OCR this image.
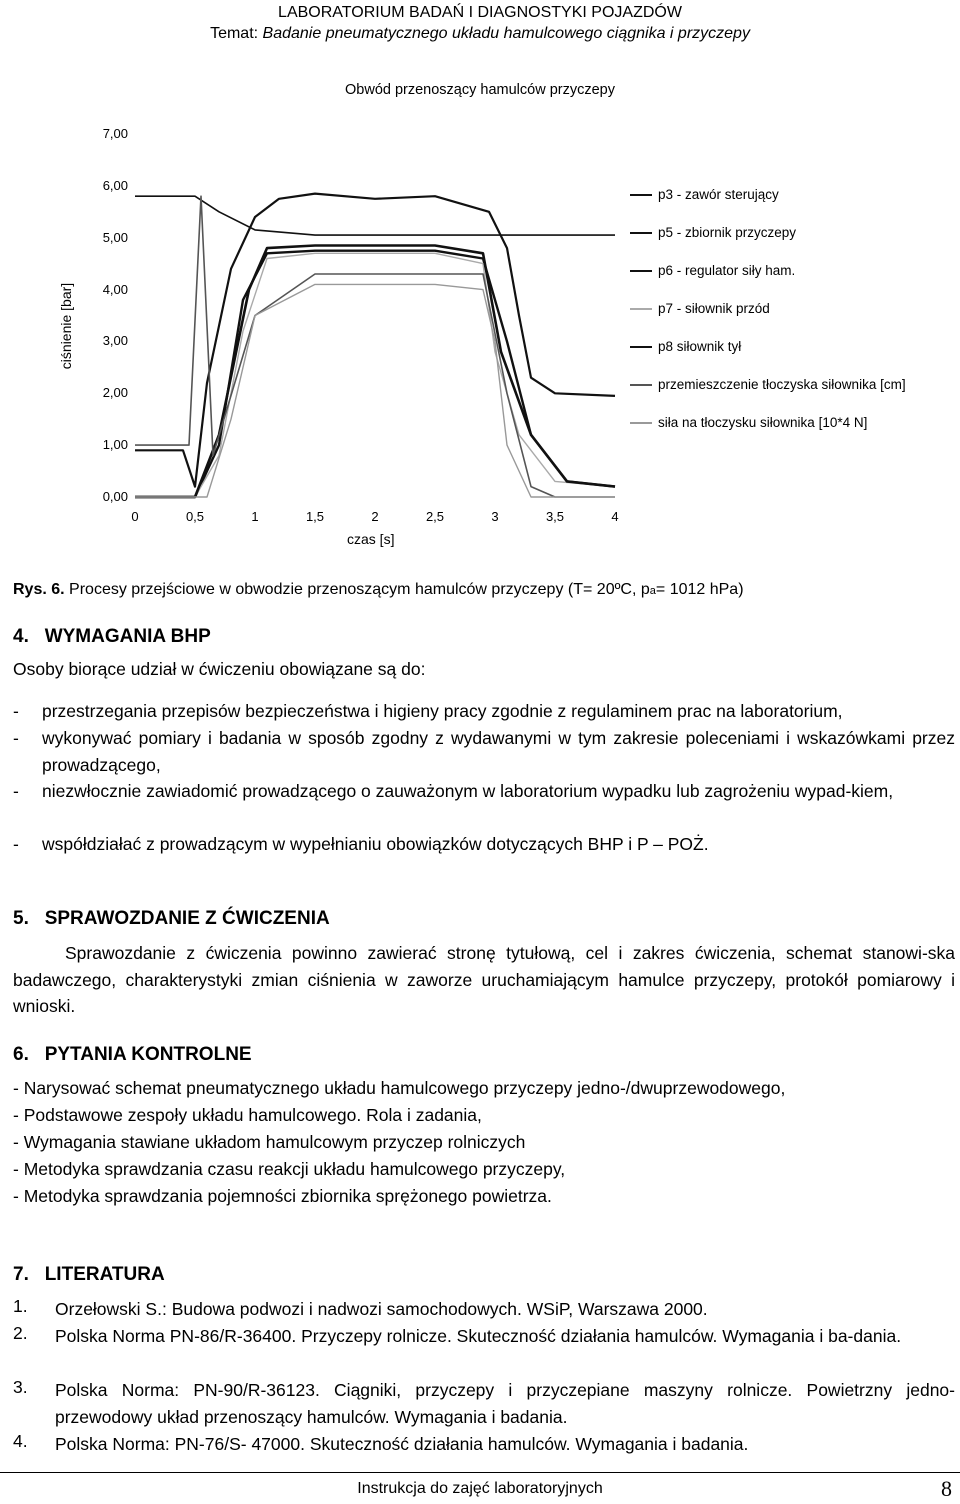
LABORATORIUM BADAŃ I DIAGNOSTYKI POJAZDÓW
Temat: Badanie pneumatycznego układu hamulcowego ciągnika i przyczepy
Obwód przenoszący hamulców przyczepy
ciśnienie [bar]
0,00
1,00
2,00
3,00
4,00
5,00
6,00
7,00
0	0,5	1	1,5	2	2,5	3	3,5	4
czas [s]
p3 - zawór sterujący
p5 - zbiornik przyczepy
p6 - regulator siły ham.
p7 - siłownik przód
p8 siłownik tył
przemieszczenie tłoczyska siłownika [cm]
siła na tłoczysku siłownika [10*4 N]
Rys. 6. Procesy przejściowe w obwodzie przenoszącym hamulców przyczepy (T= 20ºC, pa= 1012 hPa)
4. WYMAGANIA BHP
Osoby biorące udział w ćwiczeniu obowiązane są do:
- przestrzegania przepisów bezpieczeństwa i higieny pracy zgodnie z regulaminem prac na laboratorium,
- wykonywać pomiary i badania w sposób zgodny z wydawanymi w tym zakresie poleceniami i wskazówkami przez prowadzącego,
- niezwłocznie zawiadomić prowadzącego o zauważonym w laboratorium wypadku lub zagrożeniu wypad-kiem,
- współdziałać z prowadzącym w wypełnianiu obowiązków dotyczących BHP i P – POŻ.
5. SPRAWOZDANIE Z ĆWICZENIA
Sprawozdanie z ćwiczenia powinno zawierać stronę tytułową, cel i zakres ćwiczenia, schemat stanowi-ska badawczego, charakterystyki zmian ciśnienia w zaworze uruchamiającym hamulce przyczepy, protokół pomiarowy i wnioski.
6. PYTANIA KONTROLNE
- Narysować schemat pneumatycznego układu hamulcowego przyczepy jedno-/dwuprzewodowego,
- Podstawowe zespoły układu hamulcowego. Rola i zadania,
- Wymagania stawiane układom hamulcowym przyczep rolniczych
- Metodyka sprawdzania czasu reakcji układu hamulcowego przyczepy,
- Metodyka sprawdzania pojemności zbiornika sprężonego powietrza.
7. LITERATURA
1. Orzełowski S.: Budowa podwozi i nadwozi samochodowych. WSiP, Warszawa 2000.
2. Polska Norma PN-86/R-36400. Przyczepy rolnicze. Skuteczność działania hamulców. Wymagania i ba-dania.
3. Polska Norma: PN-90/R-36123. Ciągniki, przyczepy i przyczepiane maszyny rolnicze. Powietrzny jedno-przewodowy układ przenoszący hamulców. Wymagania i badania.
4. Polska Norma: PN-76/S- 47000. Skuteczność działania hamulców. Wymagania i badania.
Instrukcja do zajęć laboratoryjnych	8
